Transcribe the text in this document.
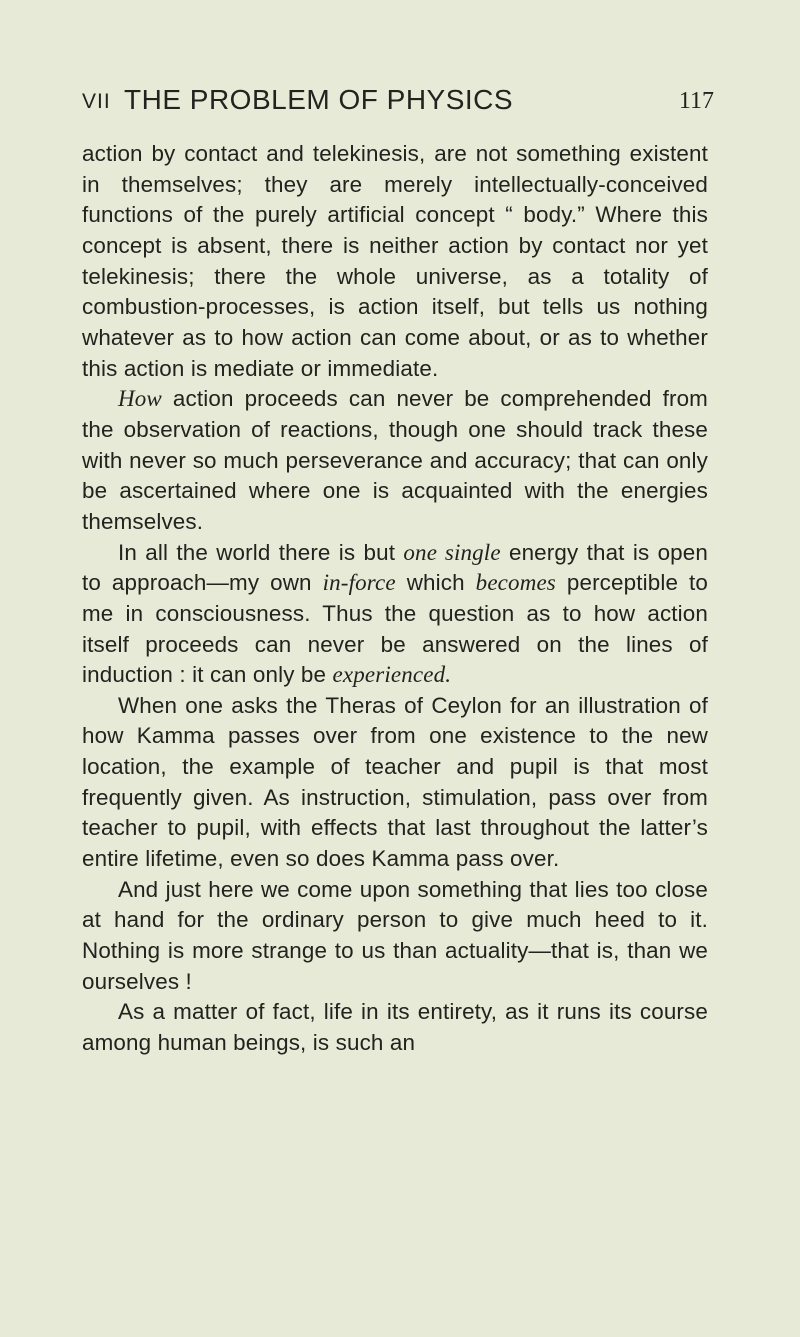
VII THE PROBLEM OF PHYSICS	117

action by contact and telekinesis, are not something existent in themselves; they are merely intellectually-conceived functions of the purely artificial concept “ body.” Where this concept is absent, there is neither action by contact nor yet telekinesis; there the whole universe, as a totality of combustion-processes, is action itself, but tells us nothing whatever as to how action can come about, or as to whether this action is mediate or immediate.

How action proceeds can never be comprehended from the observation of reactions, though one should track these with never so much perseverance and accuracy; that can only be ascertained where one is acquainted with the energies themselves.

In all the world there is but one single energy that is open to approach—my own in-force which becomes perceptible to me in consciousness. Thus the question as to how action itself proceeds can never be answered on the lines of induction : it can only be experienced.

When one asks the Theras of Ceylon for an illustration of how Kamma passes over from one existence to the new location, the example of teacher and pupil is that most frequently given. As instruction, stimulation, pass over from teacher to pupil, with effects that last throughout the latter’s entire lifetime, even so does Kamma pass over.

And just here we come upon something that lies too close at hand for the ordinary person to give much heed to it. Nothing is more strange to us than actuality—that is, than we ourselves !

As a matter of fact, life in its entirety, as it runs its course among human beings, is such an
